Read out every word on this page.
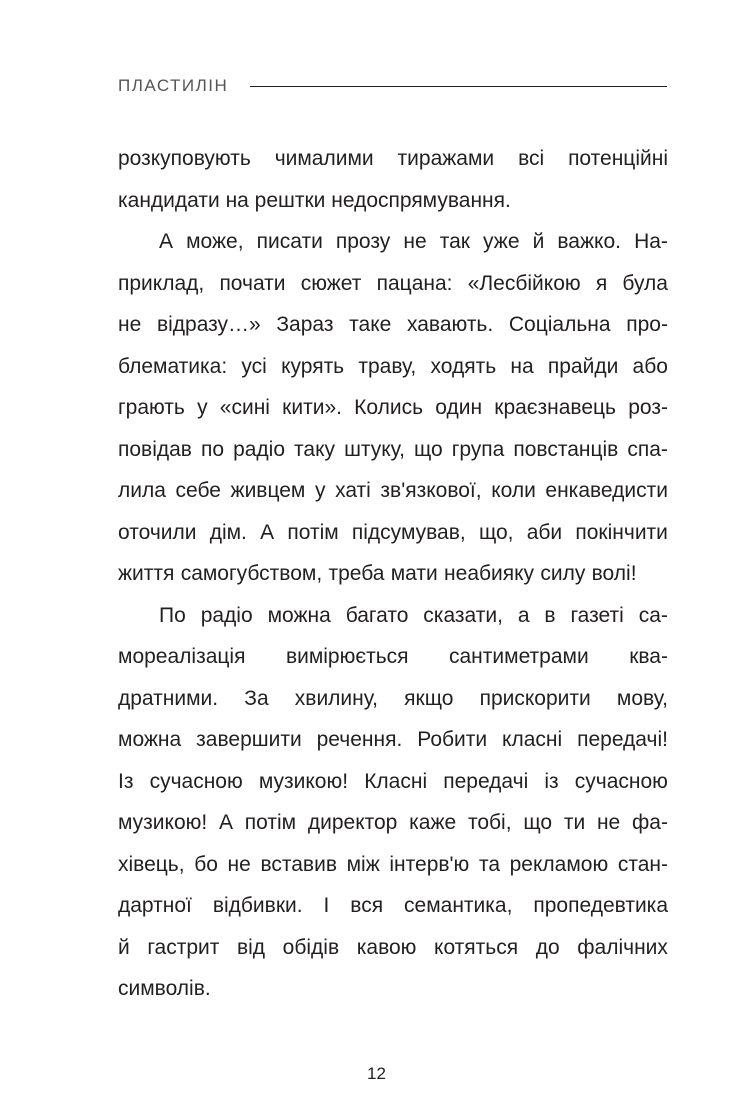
ПЛАСТИЛІН
розкуповують чималими тиражами всі потенційні
кандидати на рештки недоспрямування.
А може, писати прозу не так уже й важко. На-
приклад, почати сюжет пацана: «Лесбійкою я була
не відразу…» Зараз таке хавають. Соціальна про-
блематика: усі курять траву, ходять на прайди або
грають у «сині кити». Колись один краєзнавець роз-
повідав по радіо таку штуку, що група повстанців спа-
лила себе живцем у хаті зв'язкової, коли енкаведисти
оточили дім. А потім підсумував, що, аби покінчити
життя самогубством, треба мати неабияку силу волі!
По радіо можна багато сказати, а в газеті са-
мореалізація вимірюється сантиметрами ква-
дратними. За хвилину, якщо прискорити мову,
можна завершити речення. Робити класні передачі!
Із сучасною музикою! Класні передачі із сучасною
музикою! А потім директор каже тобі, що ти не фа-
хівець, бо не вставив між інтерв'ю та рекламою стан-
дартної відбивки. І вся семантика, пропедевтика
й гастрит від обідів кавою котяться до фалічних
символів.
12
